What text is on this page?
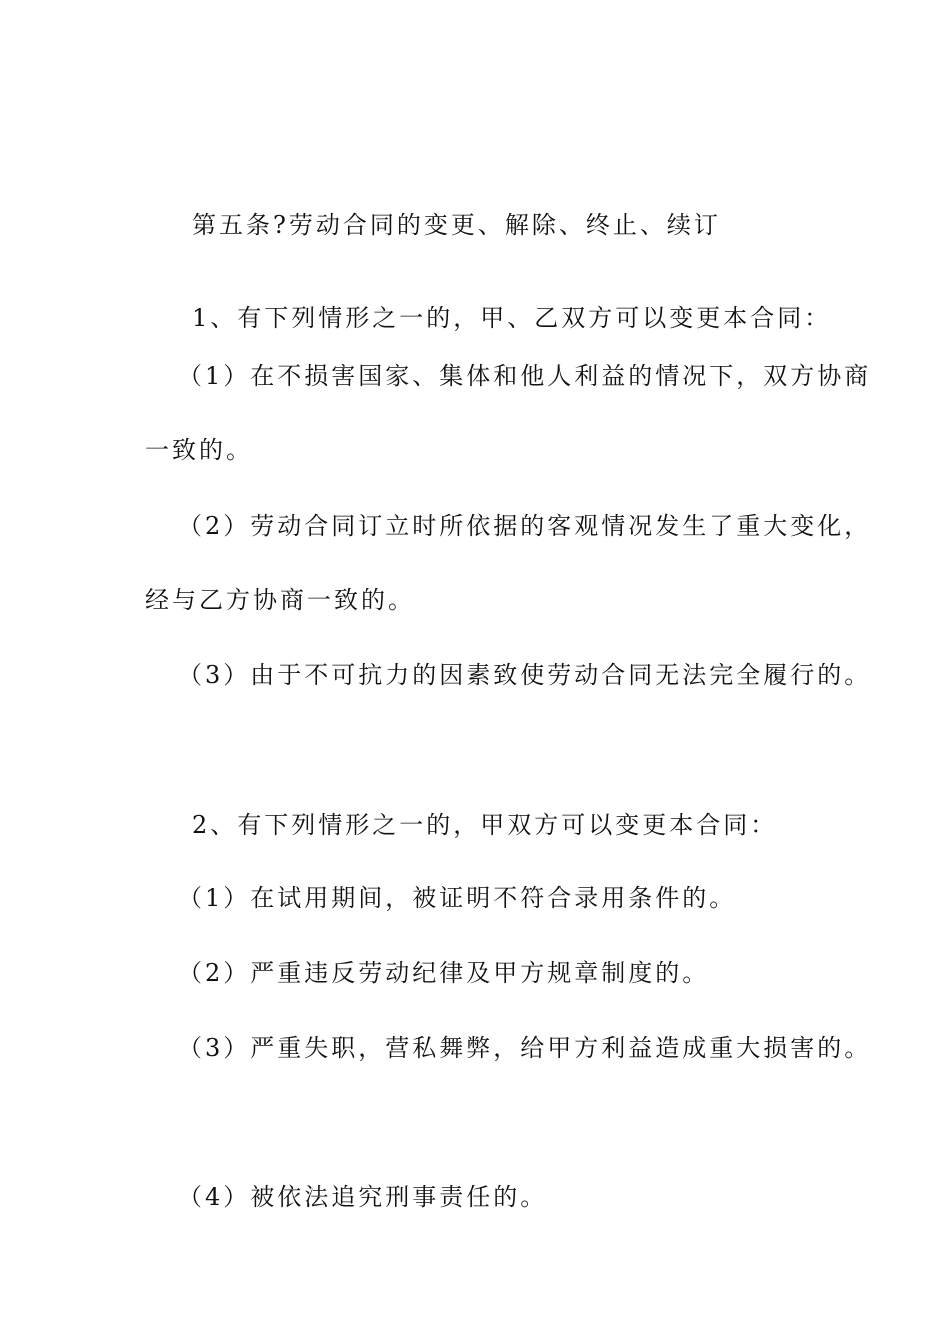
第五条?劳动合同的变更、解除、终止、续订

1、有下列情形之一的，甲、乙双方可以变更本合同：

（1）在不损害国家、集体和他人利益的情况下，双方协商

一致的。

（2）劳动合同订立时所依据的客观情况发生了重大变化，

经与乙方协商一致的。

（3）由于不可抗力的因素致使劳动合同无法完全履行的。

2、有下列情形之一的，甲双方可以变更本合同：

（1）在试用期间，被证明不符合录用条件的。

（2）严重违反劳动纪律及甲方规章制度的。

（3）严重失职，营私舞弊，给甲方利益造成重大损害的。

（4）被依法追究刑事责任的。
